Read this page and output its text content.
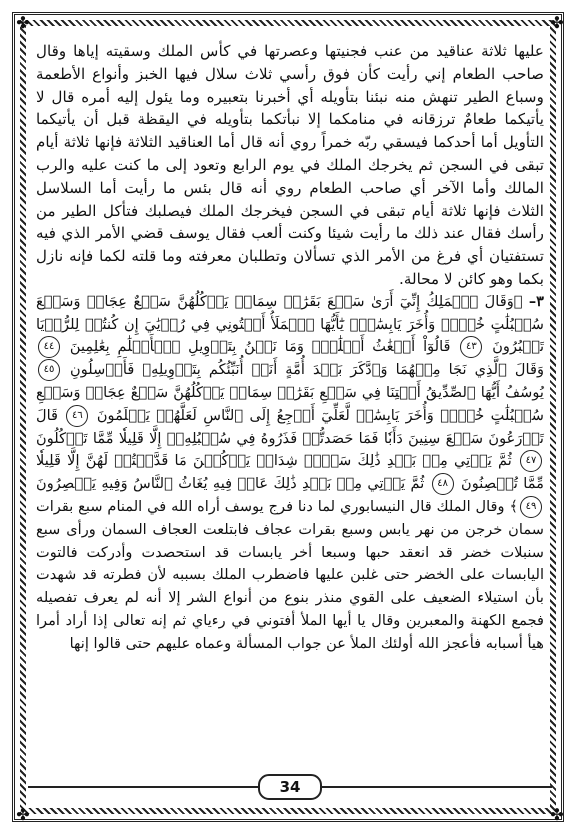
✤	✤
✤	✤

عليها ثلاثة عناقيد من عنب فجنيتها وعصرتها في كأس الملك وسقيته إياها وقال صاحب الطعام إني رأيت كأن فوق رأسي ثلاث سلال فيها الخبز وأنواع الأطعمة وسباع الطير تنهش منه نبئنا بتأويله أي أخبرنا بتعبيره وما يئول إليه أمره قال لا يأتيكما طعامٌ ترزقانه في منامكما إلا نبأتكما بتأويله في اليقظة قبل أن يأتيكما التأويل أما أحدكما فيسقي ربّه خمراً روي أنه قال أما العناقيد الثلاثة فإنها ثلاثة أيام تبقى في السجن ثم يخرجك الملك في يوم الرابع وتعود إلى ما كنت عليه والرب المالك وأما الآخر أي صاحب الطعام روي أنه قال بئس ما رأيت أما السلاسل الثلاث فإنها ثلاثة أيام تبقى في السجن فيخرجك الملك فيصلبك فتأكل الطير من رأسك فقال عند ذلك ما رأيت شيئا وكنت ألعب فقال يوسف قضي الأمر الذي فيه تستفتيان أي فرغ من الأمر الذي تسألان وتطلبان معرفته وما قلته لكما فإنه نازل بكما وهو كائن لا محالة.

٣– ﴿وَقَالَ ٱلۡمَلِكُ إِنِّيٓ أَرَىٰ سَبۡعَ بَقَرَٰتٖ سِمَانٖ يَأۡكُلُهُنَّ سَبۡعٌ عِجَافٞ وَسَبۡعَ سُنۢبُلَٰتٍ خُضۡرٖ وَأُخَرَ يَابِسَٰتٖۖ يَٰٓأَيُّهَا ٱلۡمَلَأُ أَفۡتُونِي فِي رُءۡيَٰيَ إِن كُنتُمۡ لِلرُّءۡيَا تَعۡبُرُونَ ٤٣ قَالُوٓاْ أَضۡغَٰثُ أَحۡلَٰمٖۖ وَمَا نَحۡنُ بِتَأۡوِيلِ ٱلۡأَحۡلَٰمِ بِعَٰلِمِينَ ٤٤ وَقَالَ ٱلَّذِي نَجَا مِنۡهُمَا وَٱدَّكَرَ بَعۡدَ أُمَّةٍ أَنَا۠ أُنَبِّئُكُم بِتَأۡوِيلِهِۦ فَأَرۡسِلُونِ ٤٥ يُوسُفُ أَيُّهَا ٱلصِّدِّيقُ أَفۡتِنَا فِي سَبۡعِ بَقَرَٰتٖ سِمَانٖ يَأۡكُلُهُنَّ سَبۡعٌ عِجَافٞ وَسَبۡعِ سُنۢبُلَٰتٍ خُضۡرٖ وَأُخَرَ يَابِسَٰتٖ لَّعَلِّيٓ أَرۡجِعُ إِلَى ٱلنَّاسِ لَعَلَّهُمۡ يَعۡلَمُونَ ٤٦ قَالَ تَزۡرَعُونَ سَبۡعَ سِنِينَ دَأَبٗا فَمَا حَصَدتُّمۡ فَذَرُوهُ فِي سُنۢبُلِهِۦٓ إِلَّا قَلِيلٗا مِّمَّا تَأۡكُلُونَ ٤٧ ثُمَّ يَأۡتِي مِنۢ بَعۡدِ ذَٰلِكَ سَبۡعٞ شِدَادٞ يَأۡكُلۡنَ مَا قَدَّمۡتُمۡ لَهُنَّ إِلَّا قَلِيلٗا مِّمَّا تُحۡصِنُونَ ٤٨ ثُمَّ يَأۡتِي مِنۢ بَعۡدِ ذَٰلِكَ عَامٞ فِيهِ يُغَاثُ ٱلنَّاسُ وَفِيهِ يَعۡصِرُونَ ٤٩﴾ وقال الملك قال النيسابوري لما دنا فرج يوسف أراه الله في المنام سبع بقرات سمان خرجن من نهر يابس وسبع بقرات عجاف فابتلعت العجاف السمان ورأى سبع سنبلات خضر قد انعقد حبها وسبعا أخر يابسات قد استحصدت وأدركت فالتوت اليابسات على الخضر حتى غلبن عليها فاضطرب الملك بسببه لأن فطرته قد شهدت بأن استيلاء الضعيف على القوي منذر بنوع من أنواع الشر إلا أنه لم يعرف تفصيله فجمع الكهنة والمعبرين وقال يا أيها الملأ أفتوني في رءياي ثم إنه تعالى إذا أراد أمرا هيأ أسبابه فأعجز الله أولئك الملأ عن جواب المسألة وعماه عليهم حتى قالوا إنها

34
